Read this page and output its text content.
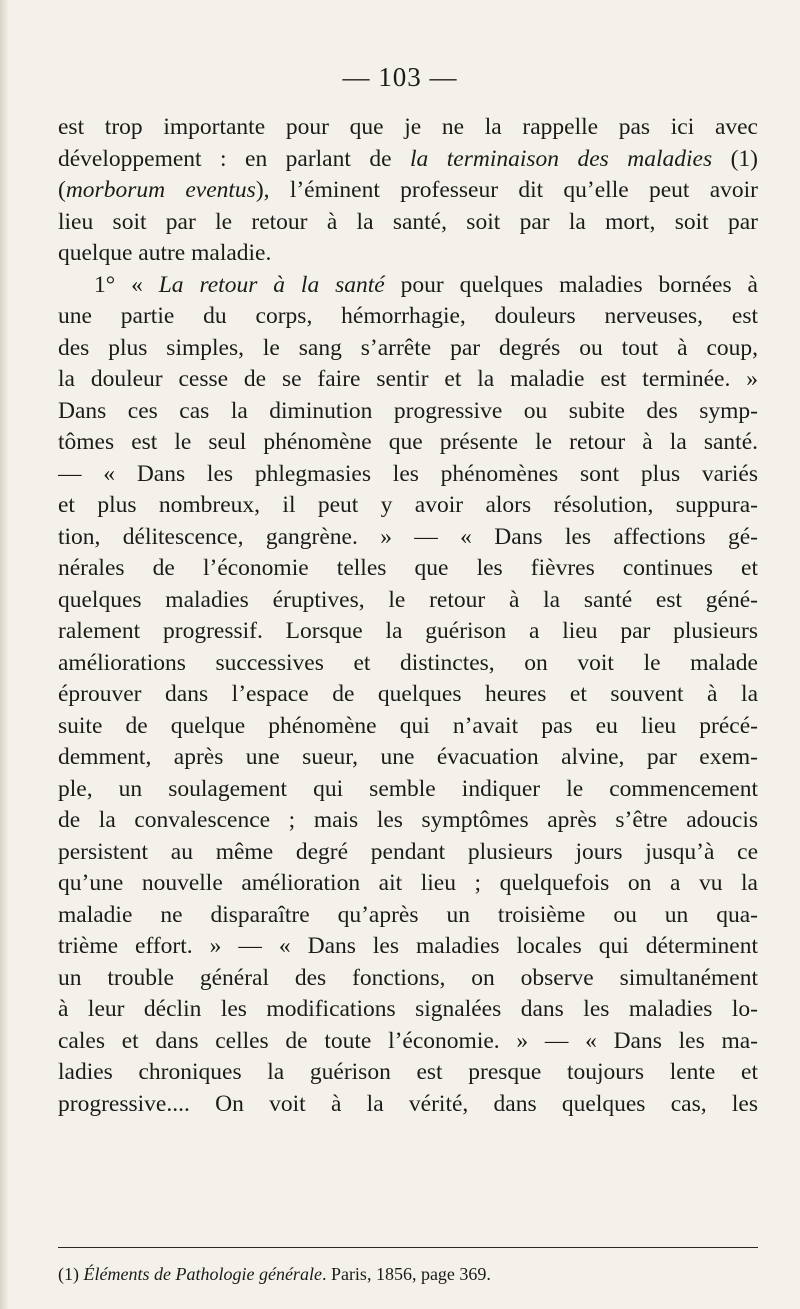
— 103 —
est trop importante pour que je ne la rappelle pas ici avec
développement : en parlant de la terminaison des maladies (1)
(morborum eventus), l’éminent professeur dit qu’elle peut avoir
lieu soit par le retour à la santé, soit par la mort, soit par
quelque autre maladie.
1° « La retour à la santé pour quelques maladies bornées à
une partie du corps, hémorrhagie, douleurs nerveuses, est
des plus simples, le sang s’arrête par degrés ou tout à coup,
la douleur cesse de se faire sentir et la maladie est terminée. »
Dans ces cas la diminution progressive ou subite des symp-
tômes est le seul phénomène que présente le retour à la santé.
— « Dans les phlegmasies les phénomènes sont plus variés
et plus nombreux, il peut y avoir alors résolution, suppura-
tion, délitescence, gangrène. » — « Dans les affections gé-
nérales de l’économie telles que les fièvres continues et
quelques maladies éruptives, le retour à la santé est géné-
ralement progressif. Lorsque la guérison a lieu par plusieurs
améliorations successives et distinctes, on voit le malade
éprouver dans l’espace de quelques heures et souvent à la
suite de quelque phénomène qui n’avait pas eu lieu précé-
demment, après une sueur, une évacuation alvine, par exem-
ple, un soulagement qui semble indiquer le commencement
de la convalescence ; mais les symptômes après s’être adoucis
persistent au même degré pendant plusieurs jours jusqu’à ce
qu’une nouvelle amélioration ait lieu ; quelquefois on a vu la
maladie ne disparaître qu’après un troisième ou un qua-
trième effort. » — « Dans les maladies locales qui déterminent
un trouble général des fonctions, on observe simultanément
à leur déclin les modifications signalées dans les maladies lo-
cales et dans celles de toute l’économie. » — « Dans les ma-
ladies chroniques la guérison est presque toujours lente et
progressive.... On voit à la vérité, dans quelques cas, les
(1) Éléments de Pathologie générale. Paris, 1856, page 369.
